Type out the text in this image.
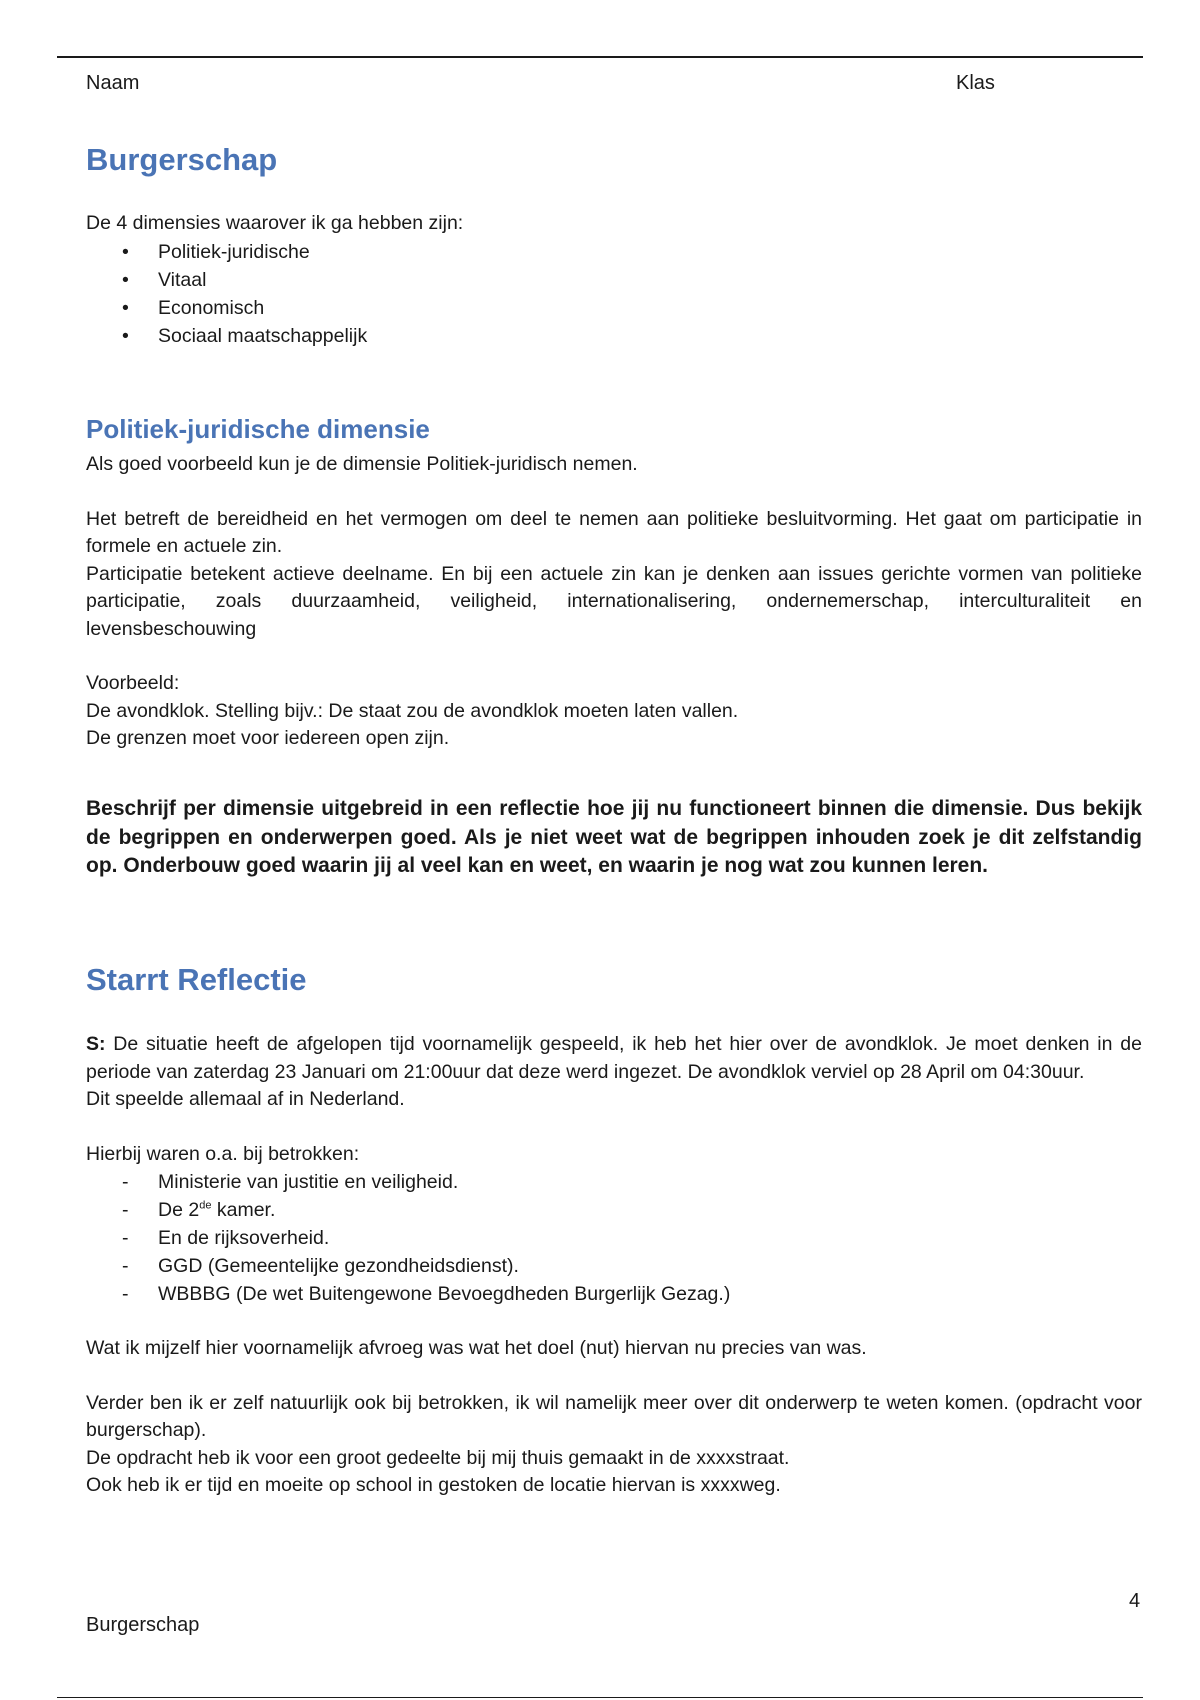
Naam	Klas
Burgerschap

De 4 dimensies waarover ik ga hebben zijn:

• Politiek-juridische
• Vitaal
• Economisch
• Sociaal maatschappelijk
Politiek-juridische dimensie

Als goed voorbeeld kun je de dimensie Politiek-juridisch nemen.

Het betreft de bereidheid en het vermogen om deel te nemen aan politieke besluitvorming. Het gaat om participatie in formele en actuele zin.

Participatie betekent actieve deelname. En bij een actuele zin kan je denken aan issues gerichte vormen van politieke participatie, zoals duurzaamheid, veiligheid, internationalisering, ondernemerschap, interculturaliteit en levensbeschouwing

Voorbeeld:

De avondklok. Stelling bijv.: De staat zou de avondklok moeten laten vallen.

De grenzen moet voor iedereen open zijn.

Beschrijf per dimensie uitgebreid in een reflectie hoe jij nu functioneert binnen die dimensie. Dus bekijk de begrippen en onderwerpen goed. Als je niet weet wat de begrippen inhouden zoek je dit zelfstandig op. Onderbouw goed waarin jij al veel kan en weet, en waarin je nog wat zou kunnen leren.
Starrt Reflectie

S: De situatie heeft de afgelopen tijd voornamelijk gespeeld, ik heb het hier over de avondklok. Je moet denken in de periode van zaterdag 23 Januari om 21:00uur dat deze werd ingezet. De avondklok verviel op 28 April om 04:30uur.

Dit speelde allemaal af in Nederland.

Hierbij waren o.a. bij betrokken:

- Ministerie van justitie en veiligheid.
- De 2de kamer.
- En de rijksoverheid.
- GGD (Gemeentelijke gezondheidsdienst).
- WBBBG (De wet Buitengewone Bevoegdheden Burgerlijk Gezag.)

Wat ik mijzelf hier voornamelijk afvroeg was wat het doel (nut) hiervan nu precies van was.

Verder ben ik er zelf natuurlijk ook bij betrokken, ik wil namelijk meer over dit onderwerp te weten komen. (opdracht voor burgerschap).

De opdracht heb ik voor een groot gedeelte bij mij thuis gemaakt in de xxxxstraat.

Ook heb ik er tijd en moeite op school in gestoken de locatie hiervan is xxxxweg.

Burgerschap
4
